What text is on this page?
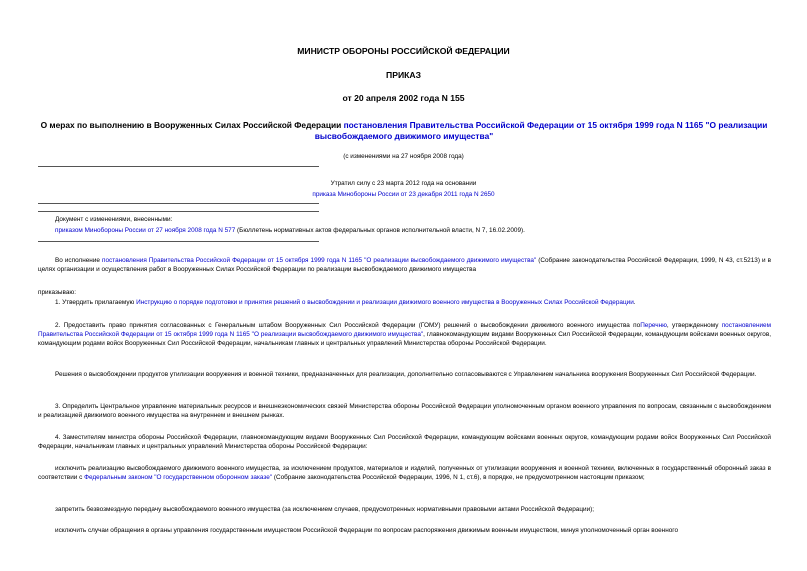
МИНИСТР ОБОРОНЫ РОССИЙСКОЙ ФЕДЕРАЦИИ
ПРИКАЗ
от 20 апреля 2002 года N 155
О мерах по выполнению в Вооруженных Силах Российской Федерации постановления Правительства Российской Федерации от 15 октября 1999 года N 1165 "О реализации высвобождаемого движимого имущества"
(с изменениями на 27 ноября 2008 года)
Утратил силу с 23 марта 2012 года на основании
приказа Минобороны России от 23 декабря 2011 года N 2650
Документ с изменениями, внесенными:
приказом Минобороны России от 27 ноября 2008 года N 577 (Бюллетень нормативных актов федеральных органов исполнительной власти, N 7, 16.02.2009).
Во исполнение постановления Правительства Российской Федерации от 15 октября 1999 года N 1165 "О реализации высвобождаемого движимого имущества" (Собрание законодательства Российской Федерации, 1999, N 43, ст.5213) и в целях организации и осуществления работ в Вооруженных Силах Российской Федерации по реализации высвобождаемого движимого имущества
приказываю:
1. Утвердить прилагаемую Инструкцию о порядке подготовки и принятия решений о высвобождении и реализации движимого военного имущества в Вооруженных Силах Российской Федерации.
2. Предоставить право принятия согласованных с Генеральным штабом Вооруженных Сил Российской Федерации (ГОМУ) решений о высвобождении движимого военного имущества поПеречню, утвержденному постановлением Правительства Российской Федерации от 15 октября 1999 года N 1165 "О реализации высвобождаемого движимого имущества", главнокомандующим видами Вооруженных Сил Российской Федерации, командующим войсками военных округов, командующим родами войск Вооруженных Сил Российской Федерации, начальникам главных и центральных управлений Министерства обороны Российской Федерации.
Решения о высвобождении продуктов утилизации вооружения и военной техники, предназначенных для реализации, дополнительно согласовываются с Управлением начальника вооружения Вооруженных Сил Российской Федерации.
3. Определить Центральное управление материальных ресурсов и внешнеэкономических связей Министерства обороны Российской Федерации уполномоченным органом военного управления по вопросам, связанным с высвобождением и реализацией движимого военного имущества на внутреннем и внешнем рынках.
4. Заместителям министра обороны Российской Федерации, главнокомандующим видами Вооруженных Сил Российской Федерации, командующим войсками военных округов, командующим родами войск Вооруженных Сил Российской Федерации, начальникам главных и центральных управлений Министерства обороны Российской Федерации:
исключить реализацию высвобождаемого движимого военного имущества, за исключением продуктов, материалов и изделий, полученных от утилизации вооружения и военной техники, включенных в государственный оборонный заказ в соответствии с Федеральным законом "О государственном оборонном заказе" (Собрание законодательства Российской Федерации, 1996, N 1, ст.6), в порядке, не предусмотренном настоящим приказом;
запретить безвозмездную передачу высвобождаемого военного имущества (за исключением случаев, предусмотренных нормативными правовыми актами Российской Федерации);
исключить случаи обращения в органы управления государственным имуществом Российской Федерации по вопросам распоряжения движимым военным имуществом, минуя уполномоченный орган военного
